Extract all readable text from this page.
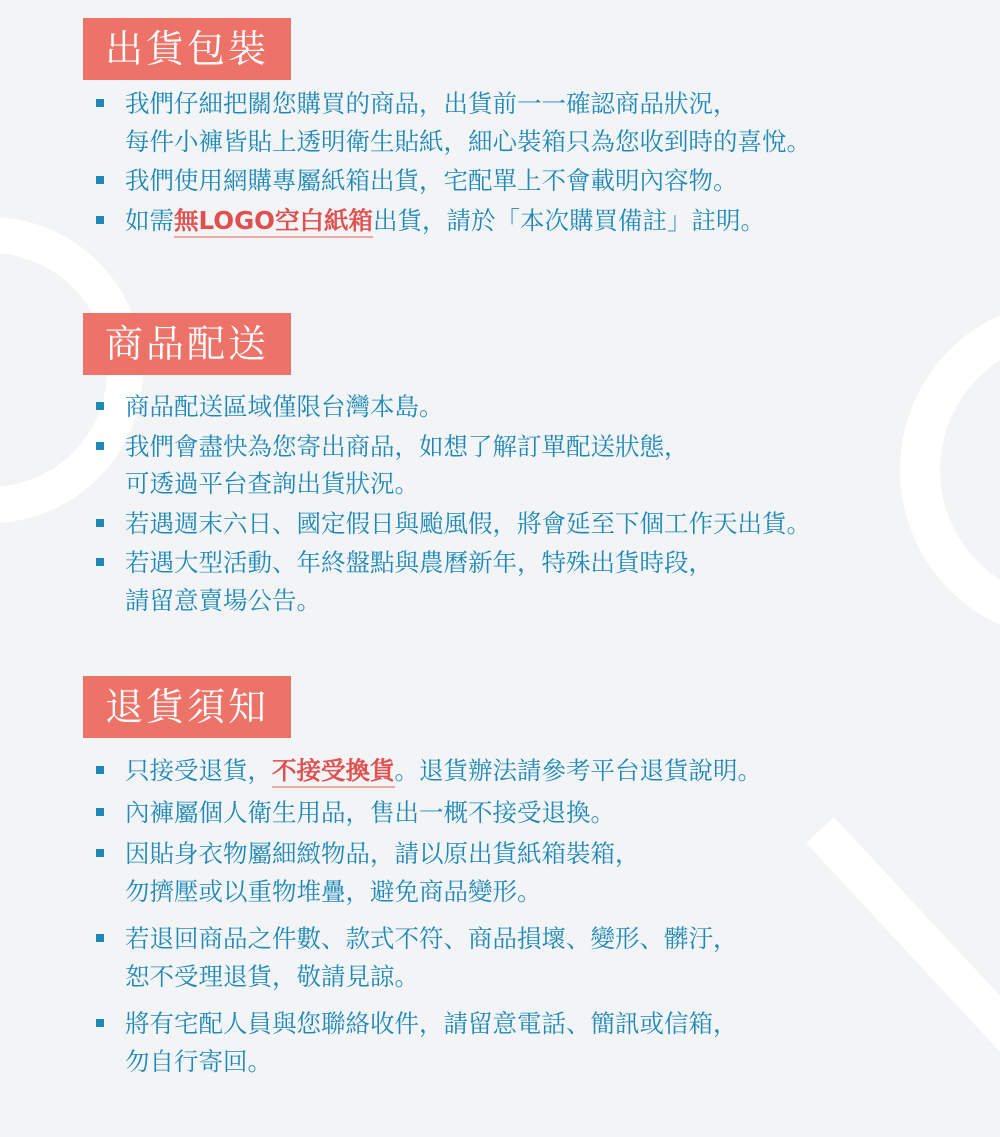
出貨包裝
我們仔細把關您購買的商品，出貨前一一確認商品狀況，
每件小褲皆貼上透明衛生貼紙，細心裝箱只為您收到時的喜悅。
我們使用網購專屬紙箱出貨，宅配單上不會載明內容物。
如需無LOGO空白紙箱出貨，請於「本次購買備註」註明。
商品配送
商品配送區域僅限台灣本島。
我們會盡快為您寄出商品，如想了解訂單配送狀態，
可透過平台查詢出貨狀況。
若遇週末六日、國定假日與颱風假，將會延至下個工作天出貨。
若遇大型活動、年終盤點與農曆新年，特殊出貨時段，
請留意賣場公告。
退貨須知
只接受退貨，不接受換貨。退貨辦法請參考平台退貨說明。
內褲屬個人衛生用品，售出一概不接受退換。
因貼身衣物屬細緻物品，請以原出貨紙箱裝箱，
勿擠壓或以重物堆疊，避免商品變形。
若退回商品之件數、款式不符、商品損壞、變形、髒汙，
恕不受理退貨，敬請見諒。
將有宅配人員與您聯絡收件，請留意電話、簡訊或信箱，
勿自行寄回。
